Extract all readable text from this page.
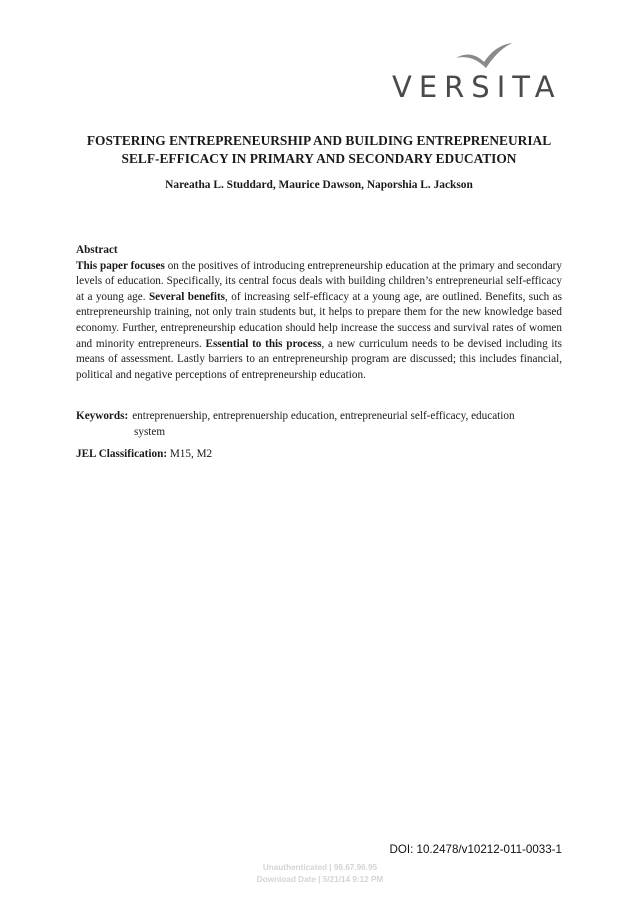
VERSITA
FOSTERING ENTREPRENEURSHIP AND BUILDING ENTREPRENEURIAL
SELF-EFFICACY IN PRIMARY AND SECONDARY EDUCATION
Nareatha L. Studdard, Maurice Dawson, Naporshia L. Jackson
Abstract
This paper focuses on the positives of introducing entrepreneurship education at the primary and secondary levels of education. Specifically, its central focus deals with building children’s entrepreneurial self-efficacy at a young age. Several benefits, of increasing self-efficacy at a young age, are outlined. Benefits, such as entrepreneurship training, not only train students but, it helps to prepare them for the new knowledge based economy. Further, entrepreneurship education should help increase the success and survival rates of women and minority entrepreneurs. Essential to this process, a new curriculum needs to be devised including its means of assessment. Lastly barriers to an entrepreneurship program are discussed; this includes financial, political and negative perceptions of entrepreneurship education.
Keywords: entreprenuership, entreprenuership education, entrepreneurial self-efficacy, education
system
JEL Classification: M15, M2
DOI: 10.2478/v10212-011-0033-1
Unauthenticated | 98.67.96.95
Download Date | 5/21/14 9:12 PM
